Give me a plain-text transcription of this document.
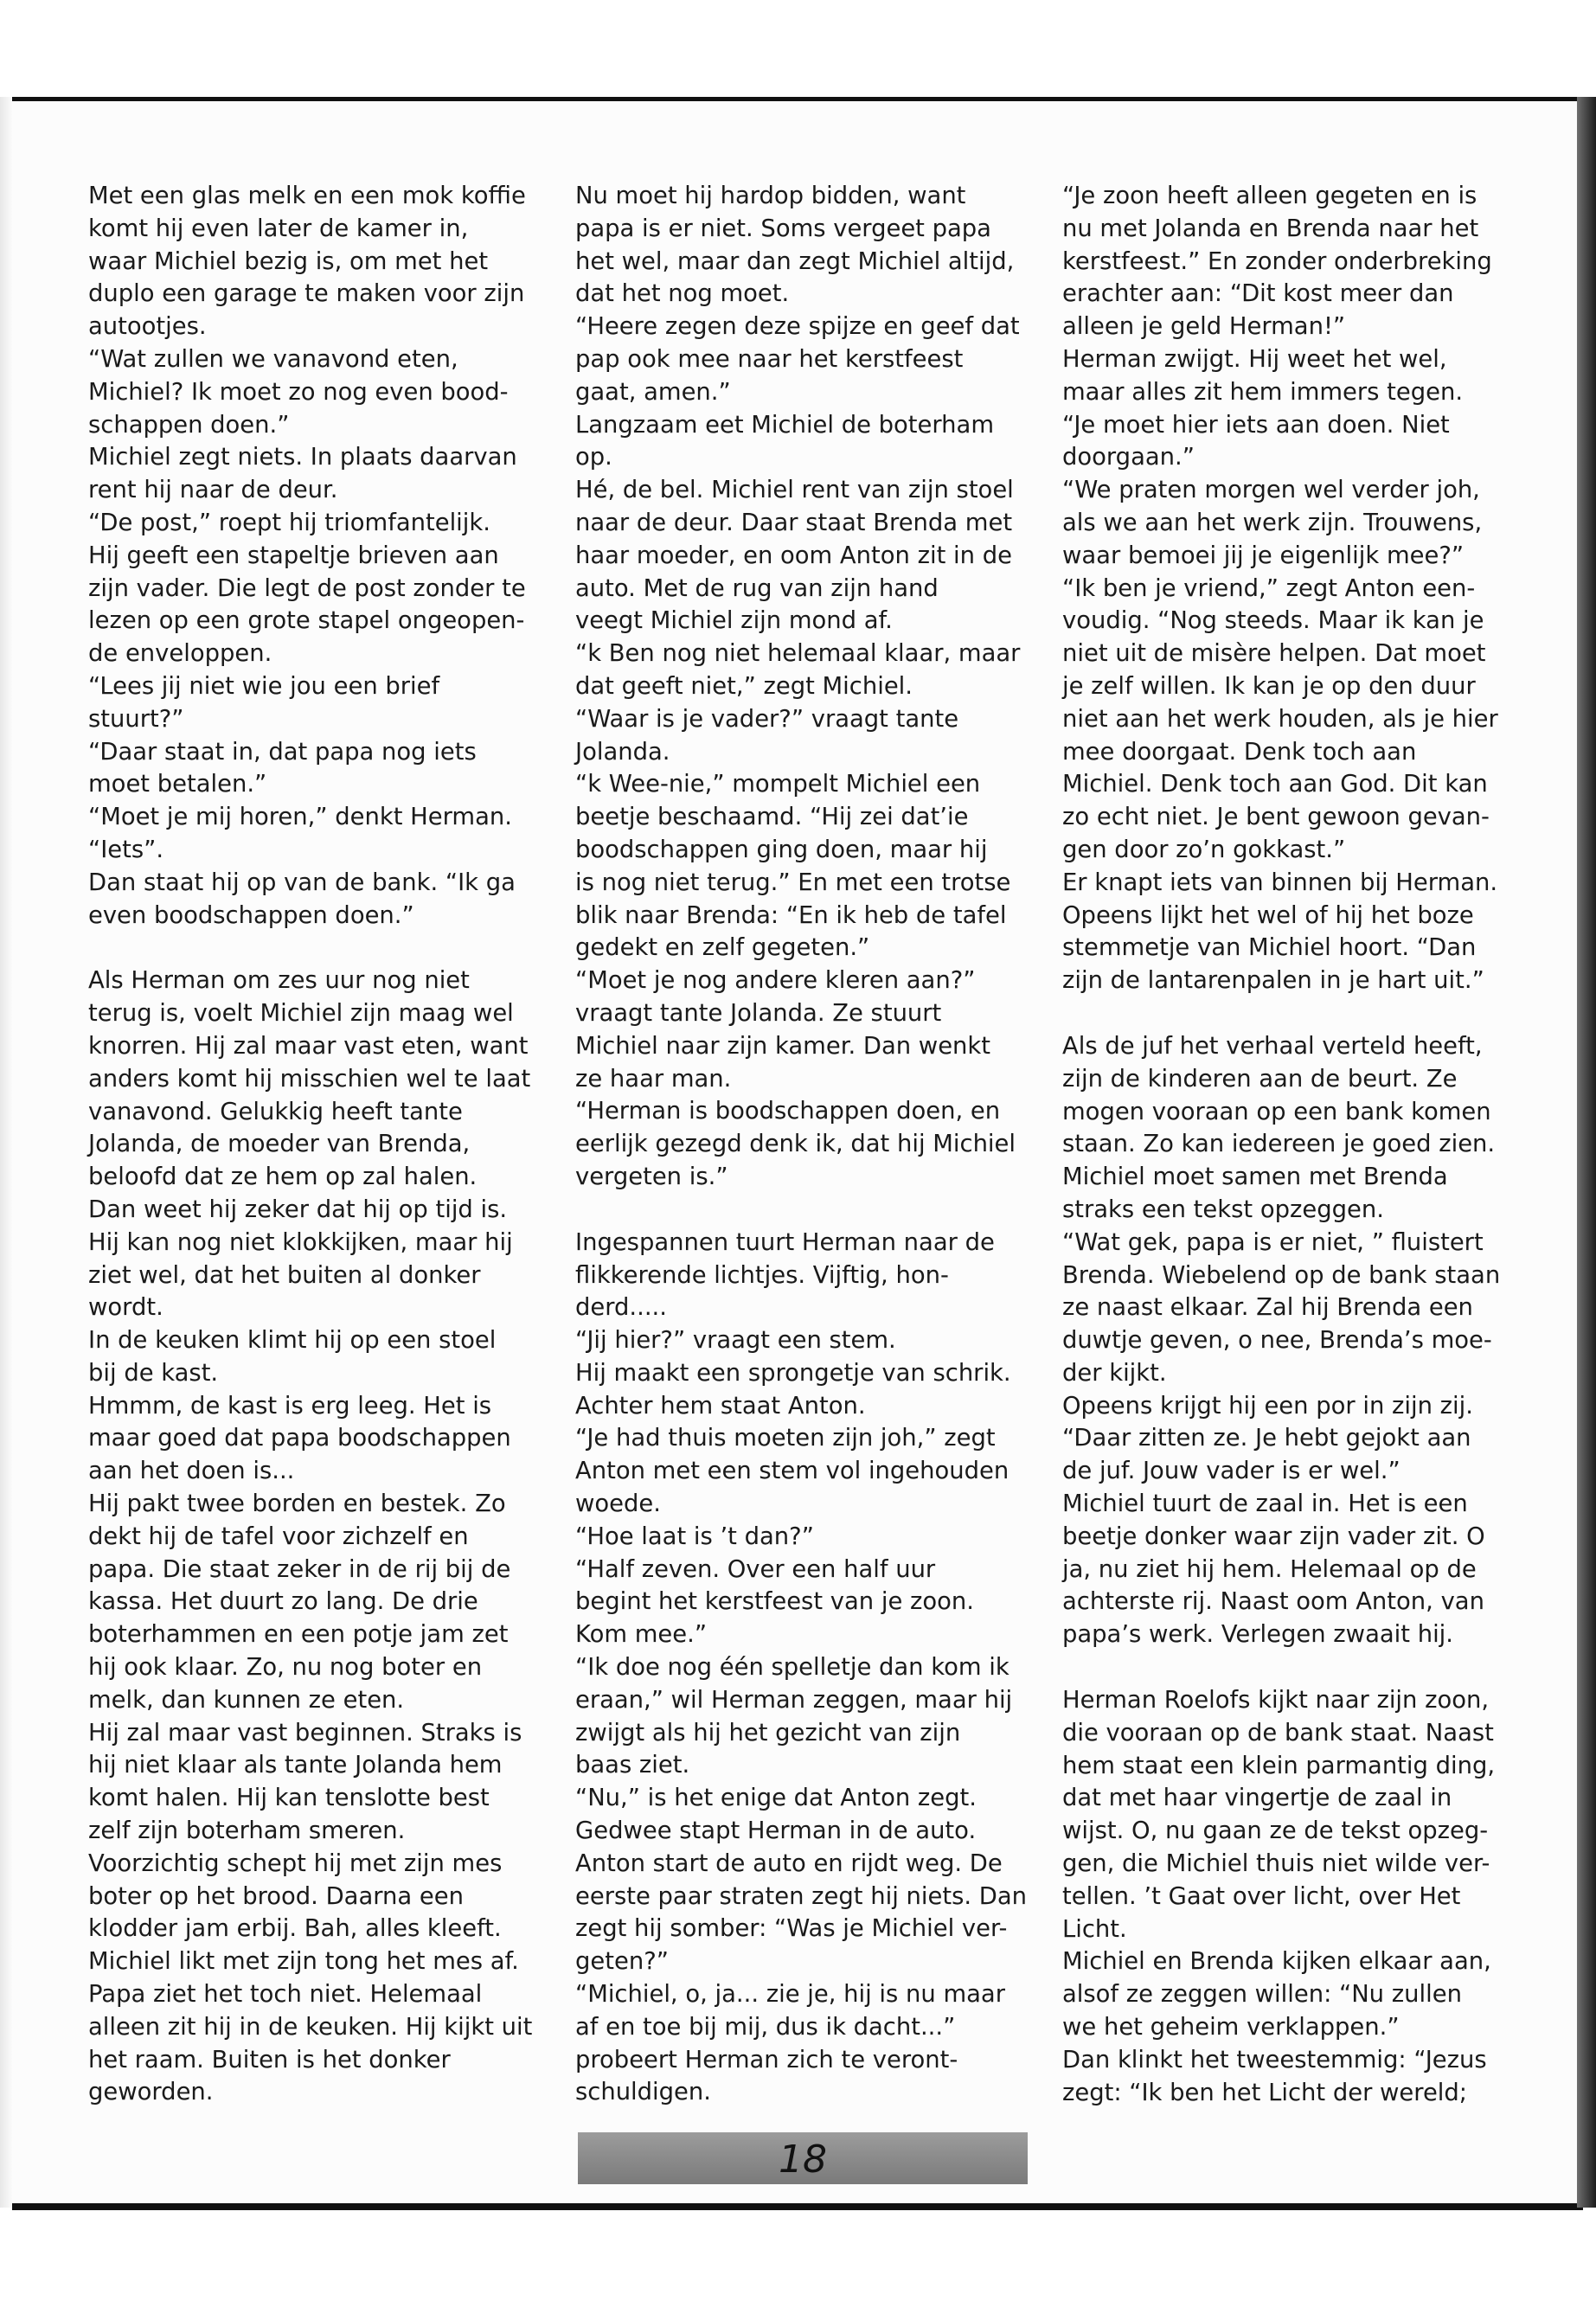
Met een glas melk en een mok koffie

komt hij even later de kamer in,

waar Michiel bezig is, om met het

duplo een garage te maken voor zijn

autootjes.

“Wat zullen we vanavond eten,

Michiel? Ik moet zo nog even bood-

schappen doen.”

Michiel zegt niets. In plaats daarvan

rent hij naar de deur.

“De post,” roept hij triomfantelijk.

Hij geeft een stapeltje brieven aan

zijn vader. Die legt de post zonder te

lezen op een grote stapel ongeopen-

de enveloppen.

“Lees jij niet wie jou een brief

stuurt?”

“Daar staat in, dat papa nog iets

moet betalen.”

“Moet je mij horen,” denkt Herman.

“Iets”.

Dan staat hij op van de bank. “Ik ga

even boodschappen doen.”

Als Herman om zes uur nog niet

terug is, voelt Michiel zijn maag wel

knorren. Hij zal maar vast eten, want

anders komt hij misschien wel te laat

vanavond. Gelukkig heeft tante

Jolanda, de moeder van Brenda,

beloofd dat ze hem op zal halen.

Dan weet hij zeker dat hij op tijd is.

Hij kan nog niet klokkijken, maar hij

ziet wel, dat het buiten al donker

wordt.

In de keuken klimt hij op een stoel

bij de kast.

Hmmm, de kast is erg leeg. Het is

maar goed dat papa boodschappen

aan het doen is...

Hij pakt twee borden en bestek. Zo

dekt hij de tafel voor zichzelf en

papa. Die staat zeker in de rij bij de

kassa. Het duurt zo lang. De drie

boterhammen en een potje jam zet

hij ook klaar. Zo, nu nog boter en

melk, dan kunnen ze eten.

Hij zal maar vast beginnen. Straks is

hij niet klaar als tante Jolanda hem

komt halen. Hij kan tenslotte best

zelf zijn boterham smeren.

Voorzichtig schept hij met zijn mes

boter op het brood. Daarna een

klodder jam erbij. Bah, alles kleeft.

Michiel likt met zijn tong het mes af.

Papa ziet het toch niet. Helemaal

alleen zit hij in de keuken. Hij kijkt uit

het raam. Buiten is het donker

geworden.

Nu moet hij hardop bidden, want

papa is er niet. Soms vergeet papa

het wel, maar dan zegt Michiel altijd,

dat het nog moet.

“Heere zegen deze spijze en geef dat

pap ook mee naar het kerstfeest

gaat, amen.”

Langzaam eet Michiel de boterham

op.

Hé, de bel. Michiel rent van zijn stoel

naar de deur. Daar staat Brenda met

haar moeder, en oom Anton zit in de

auto. Met de rug van zijn hand

veegt Michiel zijn mond af.

“k Ben nog niet helemaal klaar, maar

dat geeft niet,” zegt Michiel.

“Waar is je vader?” vraagt tante

Jolanda.

“k Wee-nie,” mompelt Michiel een

beetje beschaamd. “Hij zei dat’ie

boodschappen ging doen, maar hij

is nog niet terug.” En met een trotse

blik naar Brenda: “En ik heb de tafel

gedekt en zelf gegeten.”

“Moet je nog andere kleren aan?”

vraagt tante Jolanda. Ze stuurt

Michiel naar zijn kamer. Dan wenkt

ze haar man.

“Herman is boodschappen doen, en

eerlijk gezegd denk ik, dat hij Michiel

vergeten is.”

Ingespannen tuurt Herman naar de

flikkerende lichtjes. Vijftig, hon-

derd.....

“Jij hier?” vraagt een stem.

Hij maakt een sprongetje van schrik.

Achter hem staat Anton.

“Je had thuis moeten zijn joh,” zegt

Anton met een stem vol ingehouden

woede.

“Hoe laat is ’t dan?”

“Half zeven. Over een half uur

begint het kerstfeest van je zoon.

Kom mee.”

“Ik doe nog één spelletje dan kom ik

eraan,” wil Herman zeggen, maar hij

zwijgt als hij het gezicht van zijn

baas ziet.

“Nu,” is het enige dat Anton zegt.

Gedwee stapt Herman in de auto.

Anton start de auto en rijdt weg. De

eerste paar straten zegt hij niets. Dan

zegt hij somber: “Was je Michiel ver-

geten?”

“Michiel, o, ja... zie je, hij is nu maar

af en toe bij mij, dus ik dacht...”

probeert Herman zich te veront-

schuldigen.

“Je zoon heeft alleen gegeten en is

nu met Jolanda en Brenda naar het

kerstfeest.” En zonder onderbreking

erachter aan: “Dit kost meer dan

alleen je geld Herman!”

Herman zwijgt. Hij weet het wel,

maar alles zit hem immers tegen.

“Je moet hier iets aan doen. Niet

doorgaan.”

“We praten morgen wel verder joh,

als we aan het werk zijn. Trouwens,

waar bemoei jij je eigenlijk mee?”

“Ik ben je vriend,” zegt Anton een-

voudig. “Nog steeds. Maar ik kan je

niet uit de misère helpen. Dat moet

je zelf willen. Ik kan je op den duur

niet aan het werk houden, als je hier

mee doorgaat. Denk toch aan

Michiel. Denk toch aan God. Dit kan

zo echt niet. Je bent gewoon gevan-

gen door zo’n gokkast.”

Er knapt iets van binnen bij Herman.

Opeens lijkt het wel of hij het boze

stemmetje van Michiel hoort. “Dan

zijn de lantarenpalen in je hart uit.”

Als de juf het verhaal verteld heeft,

zijn de kinderen aan de beurt. Ze

mogen vooraan op een bank komen

staan. Zo kan iedereen je goed zien.

Michiel moet samen met Brenda

straks een tekst opzeggen.

“Wat gek, papa is er niet, ” fluistert

Brenda. Wiebelend op de bank staan

ze naast elkaar. Zal hij Brenda een

duwtje geven, o nee, Brenda’s moe-

der kijkt.

Opeens krijgt hij een por in zijn zij.

“Daar zitten ze. Je hebt gejokt aan

de juf. Jouw vader is er wel.”

Michiel tuurt de zaal in. Het is een

beetje donker waar zijn vader zit. O

ja, nu ziet hij hem. Helemaal op de

achterste rij. Naast oom Anton, van

papa’s werk. Verlegen zwaait hij.

Herman Roelofs kijkt naar zijn zoon,

die vooraan op de bank staat. Naast

hem staat een klein parmantig ding,

dat met haar vingertje de zaal in

wijst. O, nu gaan ze de tekst opzeg-

gen, die Michiel thuis niet wilde ver-

tellen. ’t Gaat over licht, over Het

Licht.

Michiel en Brenda kijken elkaar aan,

alsof ze zeggen willen: “Nu zullen

we het geheim verklappen.”

Dan klinkt het tweestemmig: “Jezus

zegt: “Ik ben het Licht der wereld;

18
